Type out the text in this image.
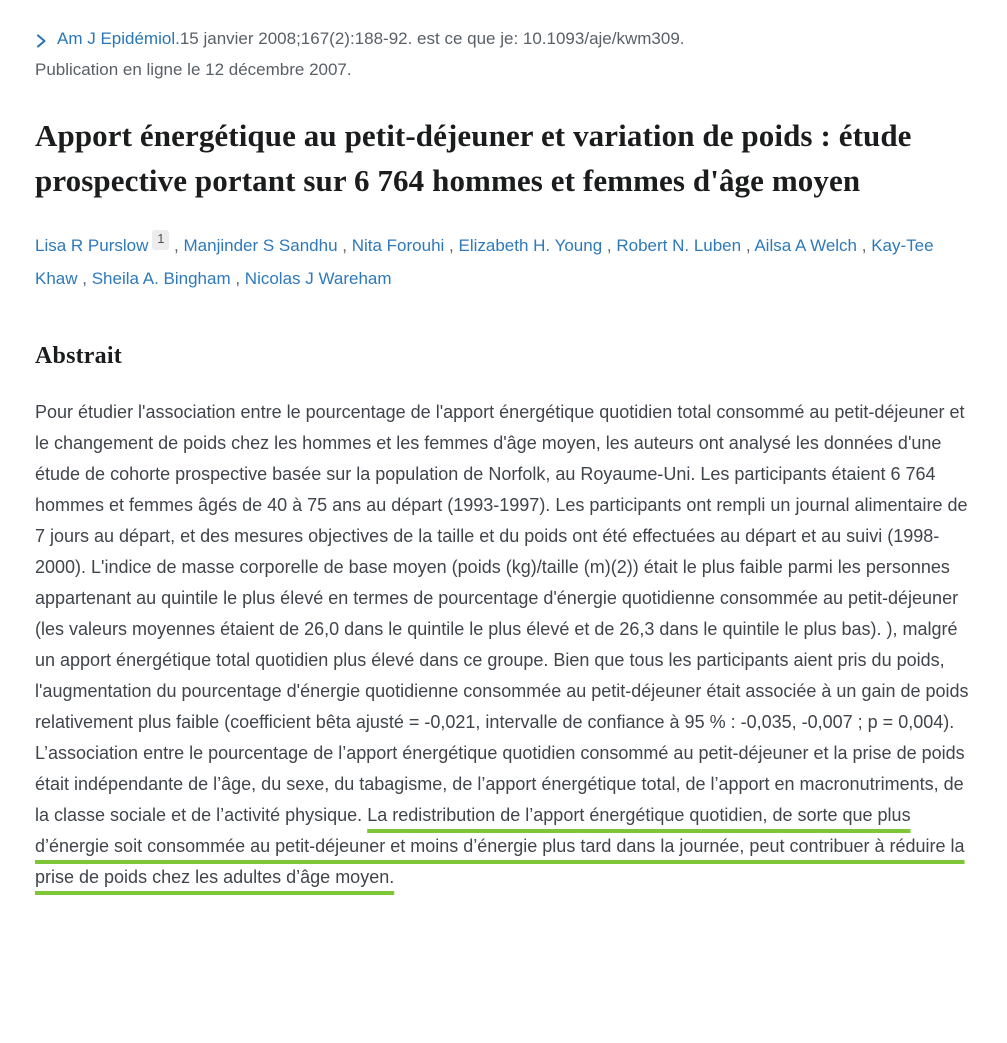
Am J Epidémiol.15 janvier 2008;167(2):188-92. est ce que je: 10.1093/aje/kwm309.
Publication en ligne le 12 décembre 2007.
Apport énergétique au petit-déjeuner et variation de poids : étude prospective portant sur 6 764 hommes et femmes d'âge moyen
Lisa R Purslow 1 , Manjinder S Sandhu , Nita Forouhi , Elizabeth H. Young , Robert N. Luben , Ailsa A Welch , Kay-Tee Khaw , Sheila A. Bingham , Nicolas J Wareham
Abstrait

Pour étudier l'association entre le pourcentage de l'apport énergétique quotidien total consommé au petit-déjeuner et le changement de poids chez les hommes et les femmes d'âge moyen, les auteurs ont analysé les données d'une étude de cohorte prospective basée sur la population de Norfolk, au Royaume-Uni. Les participants étaient 6 764 hommes et femmes âgés de 40 à 75 ans au départ (1993-1997). Les participants ont rempli un journal alimentaire de 7 jours au départ, et des mesures objectives de la taille et du poids ont été effectuées au départ et au suivi (1998-2000). L'indice de masse corporelle de base moyen (poids (kg)/taille (m)(2)) était le plus faible parmi les personnes appartenant au quintile le plus élevé en termes de pourcentage d'énergie quotidienne consommée au petit-déjeuner (les valeurs moyennes étaient de 26,0 dans le quintile le plus élevé et de 26,3 dans le quintile le plus bas). ), malgré un apport énergétique total quotidien plus élevé dans ce groupe. Bien que tous les participants aient pris du poids, l'augmentation du pourcentage d'énergie quotidienne consommée au petit-déjeuner était associée à un gain de poids relativement plus faible (coefficient bêta ajusté = -0,021, intervalle de confiance à 95 % : -0,035, -0,007 ; p = 0,004). L’association entre le pourcentage de l’apport énergétique quotidien consommé au petit-déjeuner et la prise de poids était indépendante de l’âge, du sexe, du tabagisme, de l’apport énergétique total, de l’apport en macronutriments, de la classe sociale et de l’activité physique. La redistribution de l’apport énergétique quotidien, de sorte que plus d’énergie soit consommée au petit-déjeuner et moins d’énergie plus tard dans la journée, peut contribuer à réduire la prise de poids chez les adultes d’âge moyen.
